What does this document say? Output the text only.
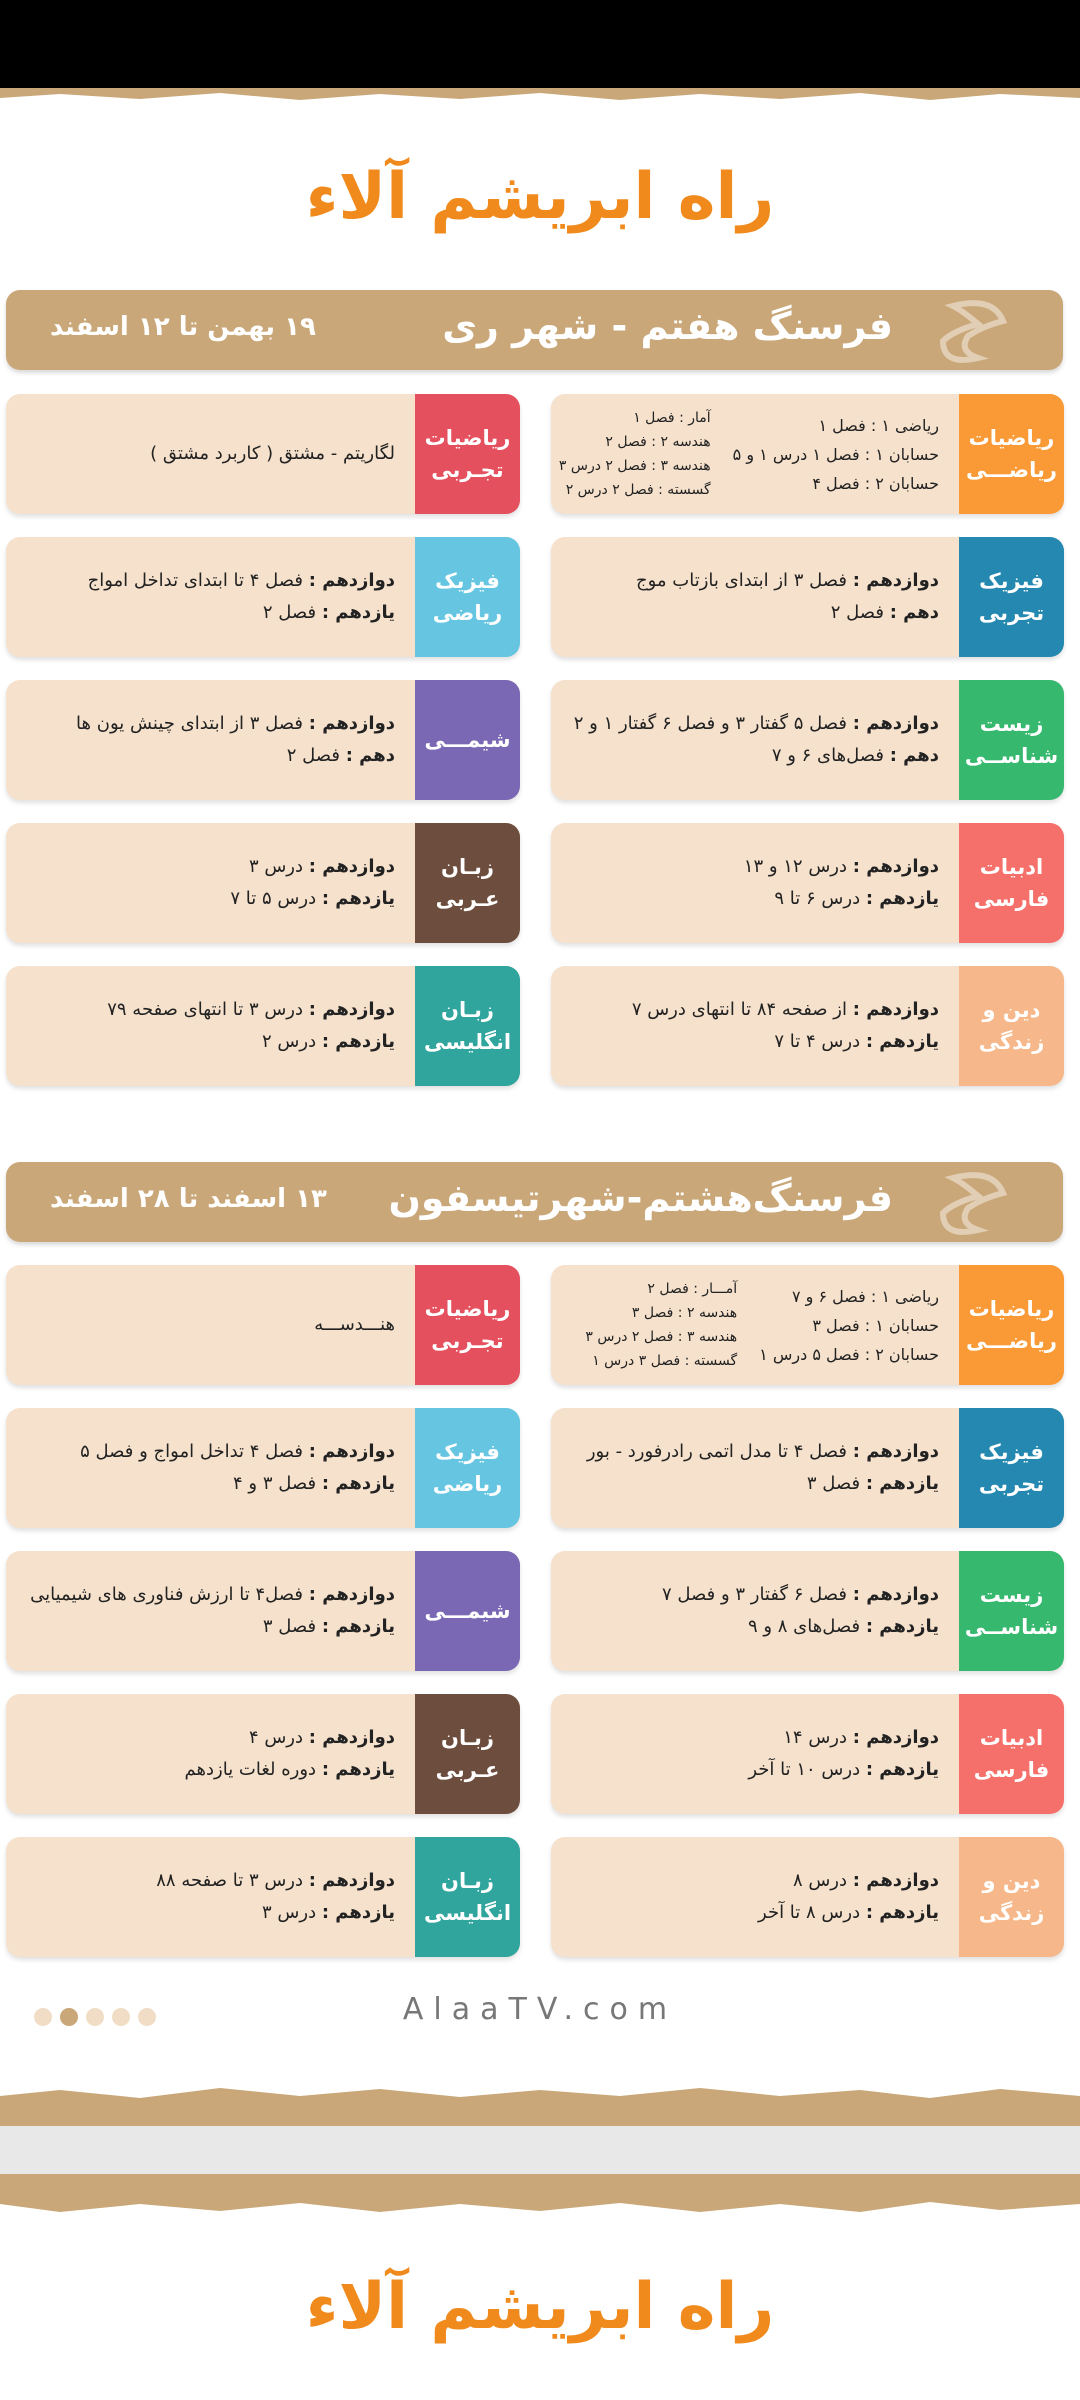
راه ابریشم آلاء
فرسنگ هفتم - شهر ری
۱۹ بهمن تا ۱۲ اسفند
ریاضیات
ریاضـــی
ریاضی ۱ : فصل ۱
حسابان ۱ : فصل ۱ درس ۱ و ۵
حسابان ۲ : فصل ۴
آمار : فصل ۱
هندسه ۲ : فصل ۲
هندسه ۳ : فصل ۲ درس ۳
گسسته : فصل ۲ درس ۲
ریاضیات
تجـربی
لگاریتم - مشتق ( کاربرد مشتق )
فیزیک
تجربی
دوازدهم : فصل ۳ از ابتدای بازتاب موج
دهم : فصل ۲
فیزیک
ریاضی
دوازدهم : فصل ۴ تا ابتدای تداخل امواج
یازدهم : فصل ۲
زیست
شناســی
دوازدهم : فصل ۵ گفتار ۳ و فصل ۶ گفتار ۱ و ۲
دهم : فصل‌های ۶ و ۷
شیمـــی
دوازدهم : فصل ۳ از ابتدای چینش یون ها
دهم : فصل ۲
ادبیات
فارسی
دوازدهم : درس ۱۲ و ۱۳
یازدهم : درس ۶ تا ۹
زبـان
عـربی
دوازدهم : درس ۳
یازدهم : درس ۵ تا ۷
دین و
زندگی
دوازدهم : از صفحه ۸۴ تا انتهای درس ۷
یازدهم : درس ۴ تا ۷
زبـان
انگلیسی
دوازدهم : درس ۳ تا انتهای صفحه ۷۹
یازدهم : درس ۲
فرسنگ‌هشتم-شهرتیسفون
۱۳ اسفند تا ۲۸ اسفند
ریاضیات
ریاضـــی
ریاضی ۱ : فصل ۶ و ۷
حسابان ۱ : فصل ۳
حسابان ۲ : فصل ۵ درس ۱
آمـــار : فصل ۲
هندسه ۲ : فصل ۳
هندسه ۳ : فصل ۲ درس ۳
گسسته : فصل ۳ درس ۱
ریاضیات
تجـربی
هنـــدســـه
فیزیک
تجربی
دوازدهم : فصل ۴ تا مدل اتمی رادرفورد - بور
یازدهم : فصل ۳
فیزیک
ریاضی
دوازدهم : فصل ۴ تداخل امواج و فصل ۵
یازدهم : فصل ۳ و ۴
زیست
شناســی
دوازدهم : فصل ۶ گفتار ۳ و فصل ۷
یازدهم : فصل‌های ۸ و ۹
شیمـــی
دوازدهم : فصل۴ تا ارزش فناوری های شیمیایی
یازدهم : فصل ۳
ادبیات
فارسی
دوازدهم : درس ۱۴
یازدهم : درس ۱۰ تا آخر
زبـان
عـربی
دوازدهم : درس ۴
یازدهم : دوره لغات یازدهم
دین و
زندگی
دوازدهم : درس ۸
یازدهم : درس ۸ تا آخر
زبـان
انگلیسی
دوازدهم : درس ۳ تا صفحه ۸۸
یازدهم : درس ۳
AlaaTV.com
راه ابریشم آلاء
